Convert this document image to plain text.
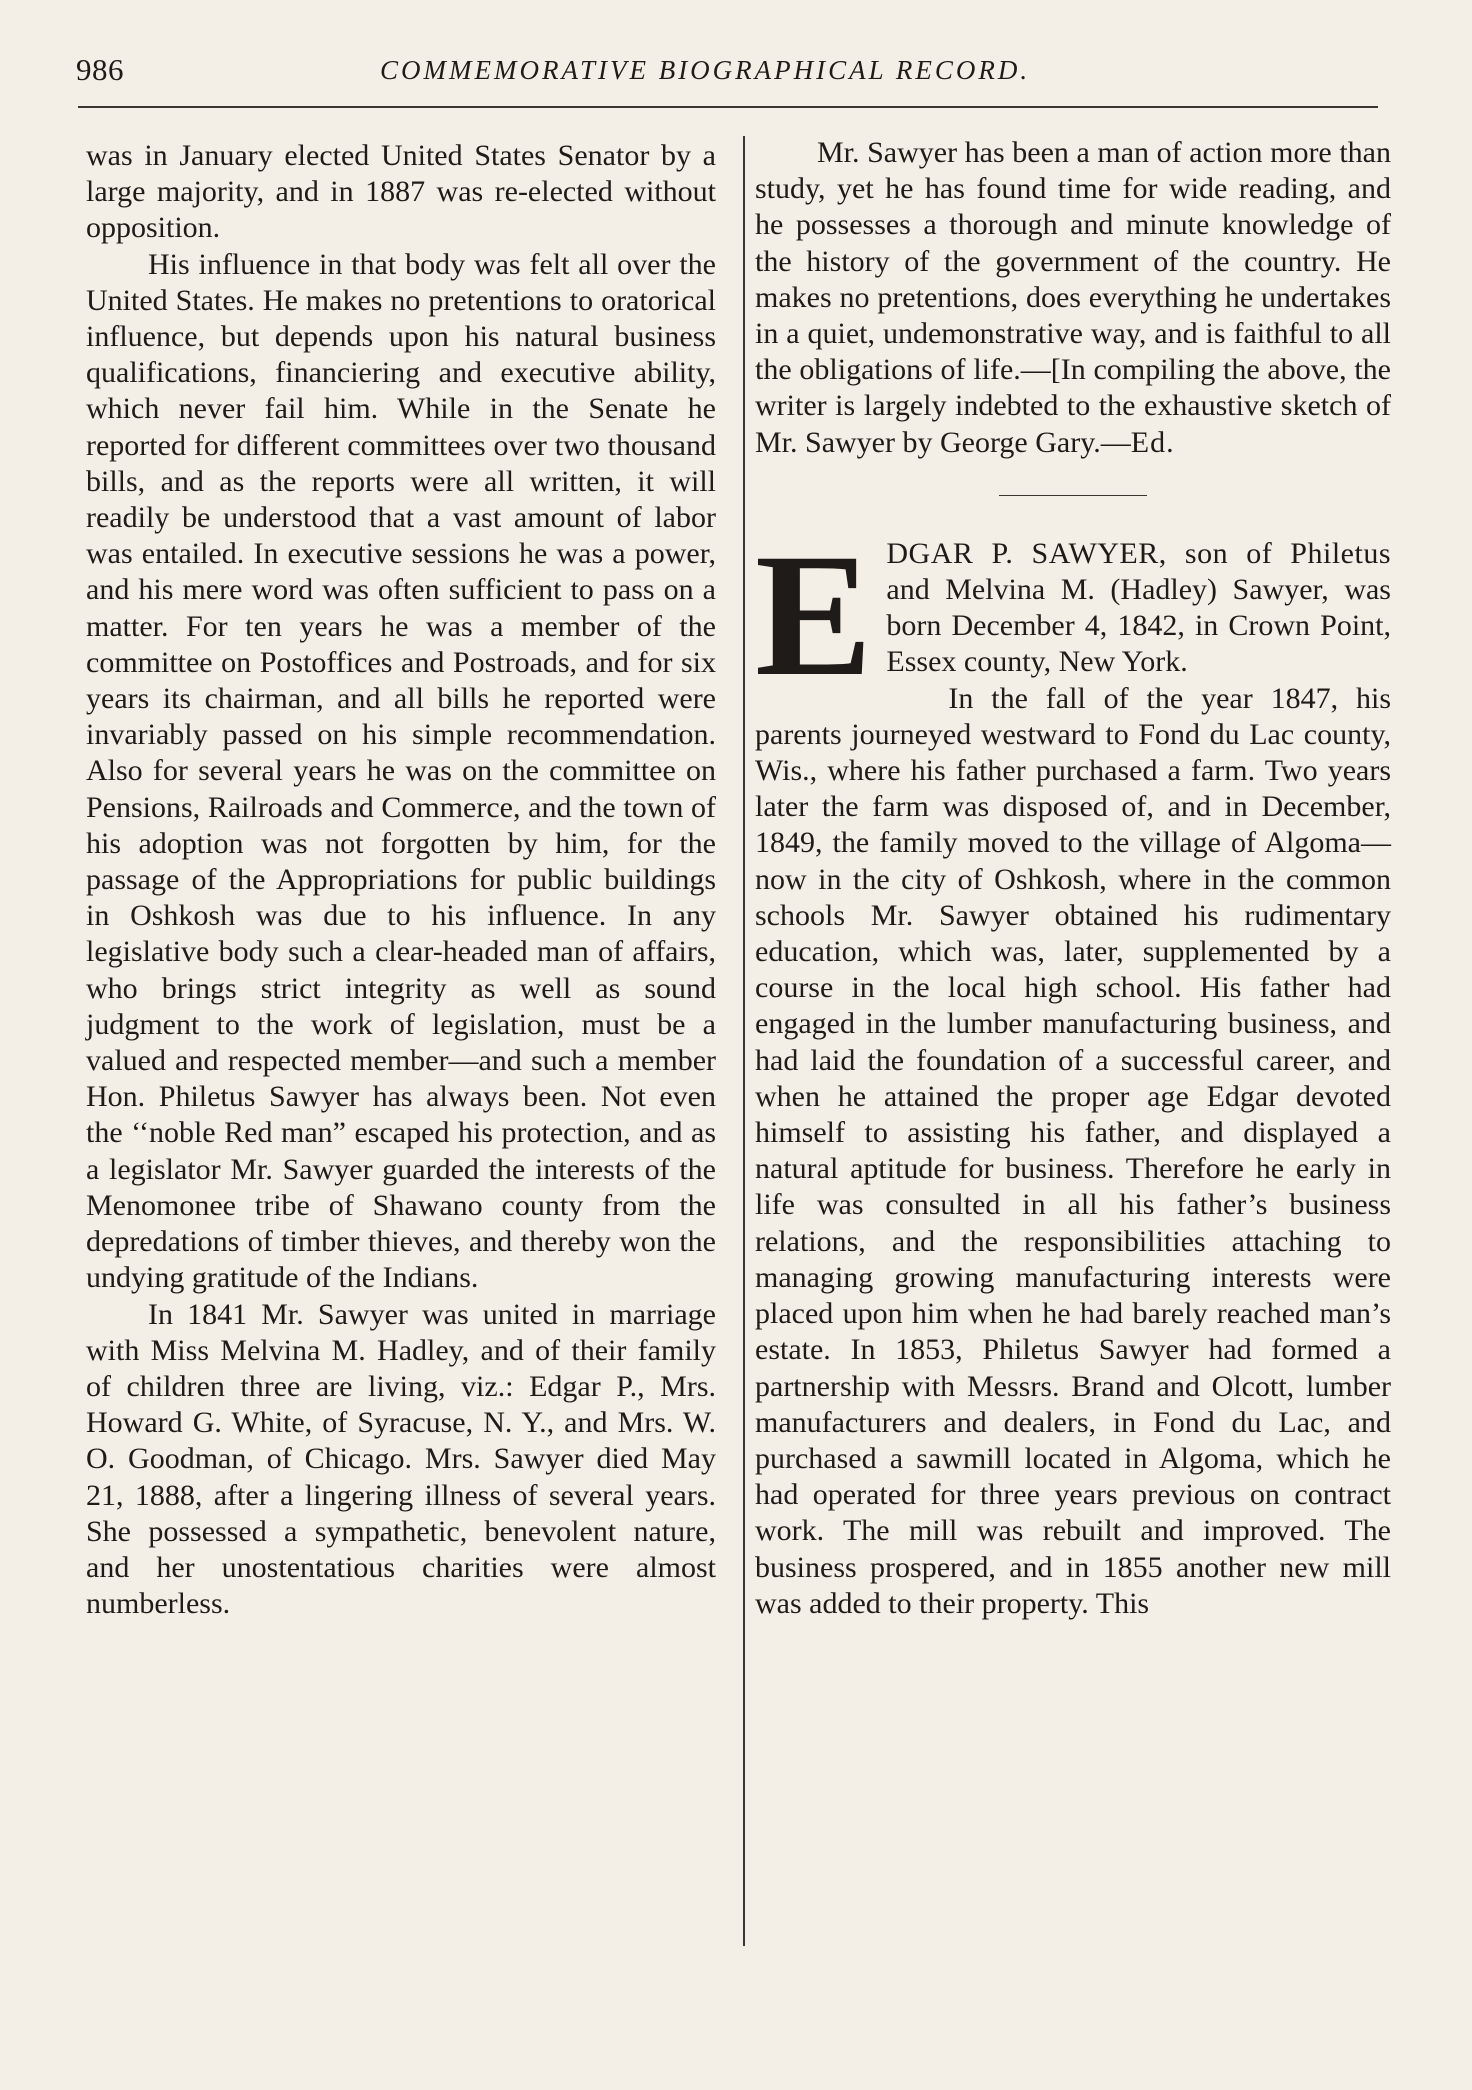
986	COMMEMORATIVE BIOGRAPHICAL RECORD.

was in January elected United States Senator by a large majority, and in 1887 was re-elected without opposition.

His influence in that body was felt all over the United States. He makes no pretentions to oratorical influence, but depends upon his natural business qualifications, financiering and executive ability, which never fail him. While in the Senate he reported for different committees over two thousand bills, and as the reports were all written, it will readily be understood that a vast amount of labor was entailed. In executive sessions he was a power, and his mere word was often sufficient to pass on a matter. For ten years he was a member of the committee on Postoffices and Postroads, and for six years its chairman, and all bills he reported were invariably passed on his simple recommendation. Also for several years he was on the committee on Pensions, Railroads and Commerce, and the town of his adoption was not forgotten by him, for the passage of the Appropriations for public buildings in Oshkosh was due to his influence. In any legislative body such a clear-headed man of affairs, who brings strict integrity as well as sound judgment to the work of legislation, must be a valued and respected member—and such a member Hon. Philetus Sawyer has always been. Not even the ‘‘noble Red man” escaped his protection, and as a legislator Mr. Sawyer guarded the interests of the Menomonee tribe of Shawano county from the depredations of timber thieves, and thereby won the undying gratitude of the Indians.

In 1841 Mr. Sawyer was united in marriage with Miss Melvina M. Hadley, and of their family of children three are living, viz.: Edgar P., Mrs. Howard G. White, of Syracuse, N. Y., and Mrs. W. O. Goodman, of Chicago. Mrs. Sawyer died May 21, 1888, after a lingering illness of several years. She possessed a sympathetic, benevolent nature, and her unostentatious charities were almost numberless.

Mr. Sawyer has been a man of action more than study, yet he has found time for wide reading, and he possesses a thorough and minute knowledge of the history of the government of the country. He makes no pretentions, does everything he undertakes in a quiet, undemonstrative way, and is faithful to all the obligations of life.—[In compiling the above, the writer is largely indebted to the exhaustive sketch of Mr. Sawyer by George Gary.—Ed.

EDGAR P. SAWYER, son of Philetus and Melvina M. (Hadley) Sawyer, was born December 4, 1842, in Crown Point, Essex county, New York.

In the fall of the year 1847, his parents journeyed westward to Fond du Lac county, Wis., where his father purchased a farm. Two years later the farm was disposed of, and in December, 1849, the family moved to the village of Algoma—now in the city of Oshkosh, where in the common schools Mr. Sawyer obtained his rudimentary education, which was, later, supplemented by a course in the local high school. His father had engaged in the lumber manufacturing business, and had laid the foundation of a successful career, and when he attained the proper age Edgar devoted himself to assisting his father, and displayed a natural aptitude for business. Therefore he early in life was consulted in all his father’s business relations, and the responsibilities attaching to managing growing manufacturing interests were placed upon him when he had barely reached man’s estate. In 1853, Philetus Sawyer had formed a partnership with Messrs. Brand and Olcott, lumber manufacturers and dealers, in Fond du Lac, and purchased a sawmill located in Algoma, which he had operated for three years previous on contract work. The mill was rebuilt and improved. The business prospered, and in 1855 another new mill was added to their property. This
